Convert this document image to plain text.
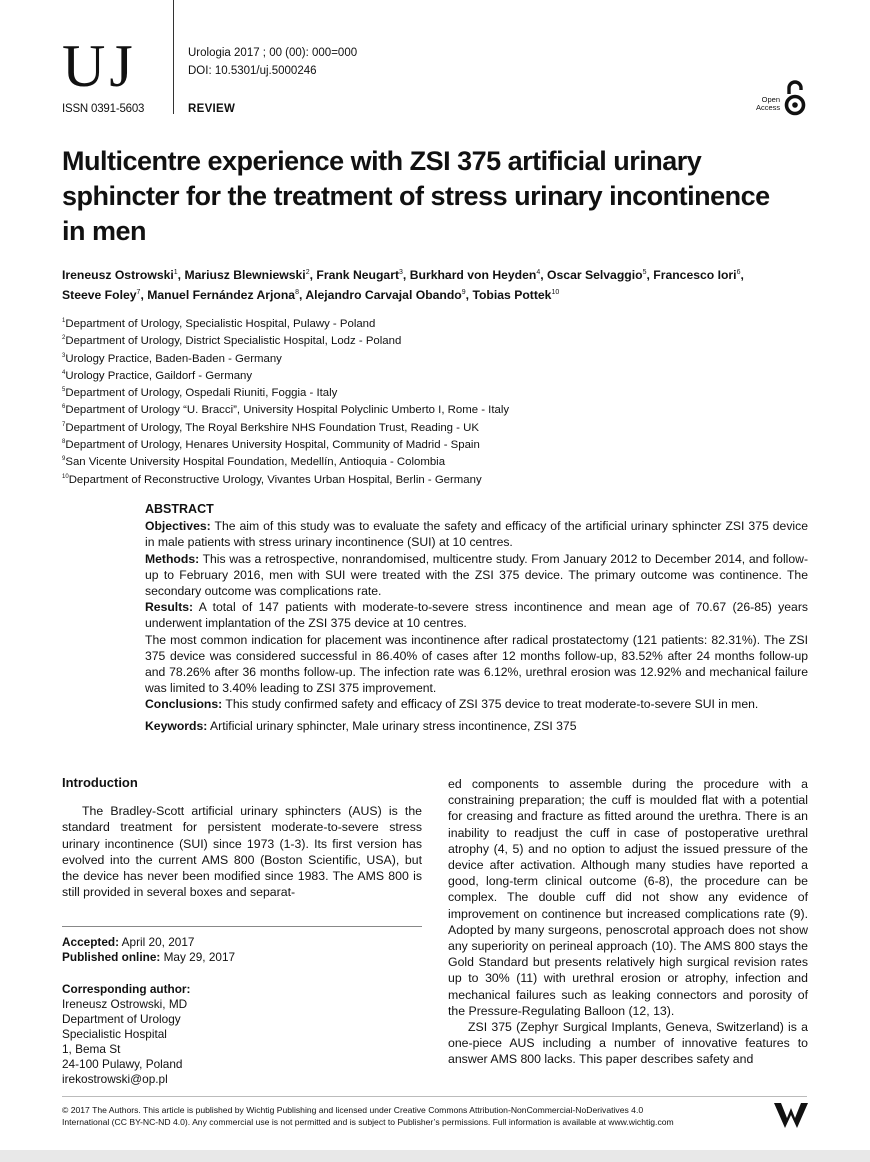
UJ
ISSN 0391-5603
Urologia 2017 ; 00 (00): 000=000
DOI: 10.5301/uj.5000246
REVIEW
Open
Access
Multicentre experience with ZSI 375 artificial urinary sphincter for the treatment of stress urinary incontinence in men
Ireneusz Ostrowski$^1$, Mariusz Blewniewski$^2$, Frank Neugart$^3$, Burkhard von Heyden$^4$, Oscar Selvaggio$^5$, Francesco Iori$^6$,
Steeve Foley$^7$, Manuel Fernández Arjona$^8$, Alejandro Carvajal Obando$^9$, Tobias Pottek$^{10}$
$^1$Department of Urology, Specialistic Hospital, Pulawy - Poland
$^2$Department of Urology, District Specialistic Hospital, Lodz - Poland
$^3$Urology Practice, Baden-Baden - Germany
$^4$Urology Practice, Gaildorf - Germany
$^5$Department of Urology, Ospedali Riuniti, Foggia - Italy
$^6$Department of Urology “U. Bracci”, University Hospital Polyclinic Umberto I, Rome - Italy
$^7$Department of Urology, The Royal Berkshire NHS Foundation Trust, Reading - UK
$^8$Department of Urology, Henares University Hospital, Community of Madrid - Spain
$^9$San Vicente University Hospital Foundation, Medellín, Antioquia - Colombia
$^{10}$Department of Reconstructive Urology, Vivantes Urban Hospital, Berlin - Germany
ABSTRACT
Objectives: The aim of this study was to evaluate the safety and efficacy of the artificial urinary sphincter ZSI 375 device in male patients with stress urinary incontinence (SUI) at 10 centres.
Methods: This was a retrospective, nonrandomised, multicentre study. From January 2012 to December 2014, and follow-up to February 2016, men with SUI were treated with the ZSI 375 device. The primary outcome was continence. The secondary outcome was complications rate.
Results: A total of 147 patients with moderate-to-severe stress incontinence and mean age of 70.67 (26-85) years underwent implantation of the ZSI 375 device at 10 centres.
The most common indication for placement was incontinence after radical prostatectomy (121 patients: 82.31%). The ZSI 375 device was considered successful in 86.40% of cases after 12 months follow-up, 83.52% after 24 months follow-up and 78.26% after 36 months follow-up. The infection rate was 6.12%, urethral erosion was 12.92% and mechanical failure was limited to 3.40% leading to ZSI 375 improvement.
Conclusions: This study confirmed safety and efficacy of ZSI 375 device to treat moderate-to-severe SUI in men.
Keywords: Artificial urinary sphincter, Male urinary stress incontinence, ZSI 375
Introduction

The Bradley-Scott artificial urinary sphincters (AUS) is the standard treatment for persistent moderate-to-severe stress urinary incontinence (SUI) since 1973 (1-3). Its first version has evolved into the current AMS 800 (Boston Scientific, USA), but the device has never been modified since 1983. The AMS 800 is still provided in several boxes and separat-

Accepted: April 20, 2017
Published online: May 29, 2017
Corresponding author:
Ireneusz Ostrowski, MD
Department of Urology
Specialistic Hospital
1, Bema St
24-100 Pulawy, Poland
irekostrowski@op.pl

ed components to assemble during the procedure with a constraining preparation; the cuff is moulded flat with a potential for creasing and fracture as fitted around the urethra. There is an inability to readjust the cuff in case of postoperative urethral atrophy (4, 5) and no option to adjust the issued pressure of the device after activation. Although many studies have reported a good, long-term clinical outcome (6-8), the procedure can be complex. The double cuff did not show any evidence of improvement on continence but increased complications rate (9). Adopted by many surgeons, penoscrotal approach does not show any superiority on perineal approach (10). The AMS 800 stays the Gold Standard but presents relatively high surgical revision rates up to 30% (11) with urethral erosion or atrophy, infection and mechanical failures such as leaking connectors and porosity of the Pressure-Regulating Balloon (12, 13).

ZSI 375 (Zephyr Surgical Implants, Geneva, Switzerland) is a one-piece AUS including a number of innovative features to answer AMS 800 lacks. This paper describes safety and

© 2017 The Authors. This article is published by Wichtig Publishing and licensed under Creative Commons Attribution-NonCommercial-NoDerivatives 4.0
International (CC BY-NC-ND 4.0). Any commercial use is not permitted and is subject to Publisher’s permissions. Full information is available at www.wichtig.com
